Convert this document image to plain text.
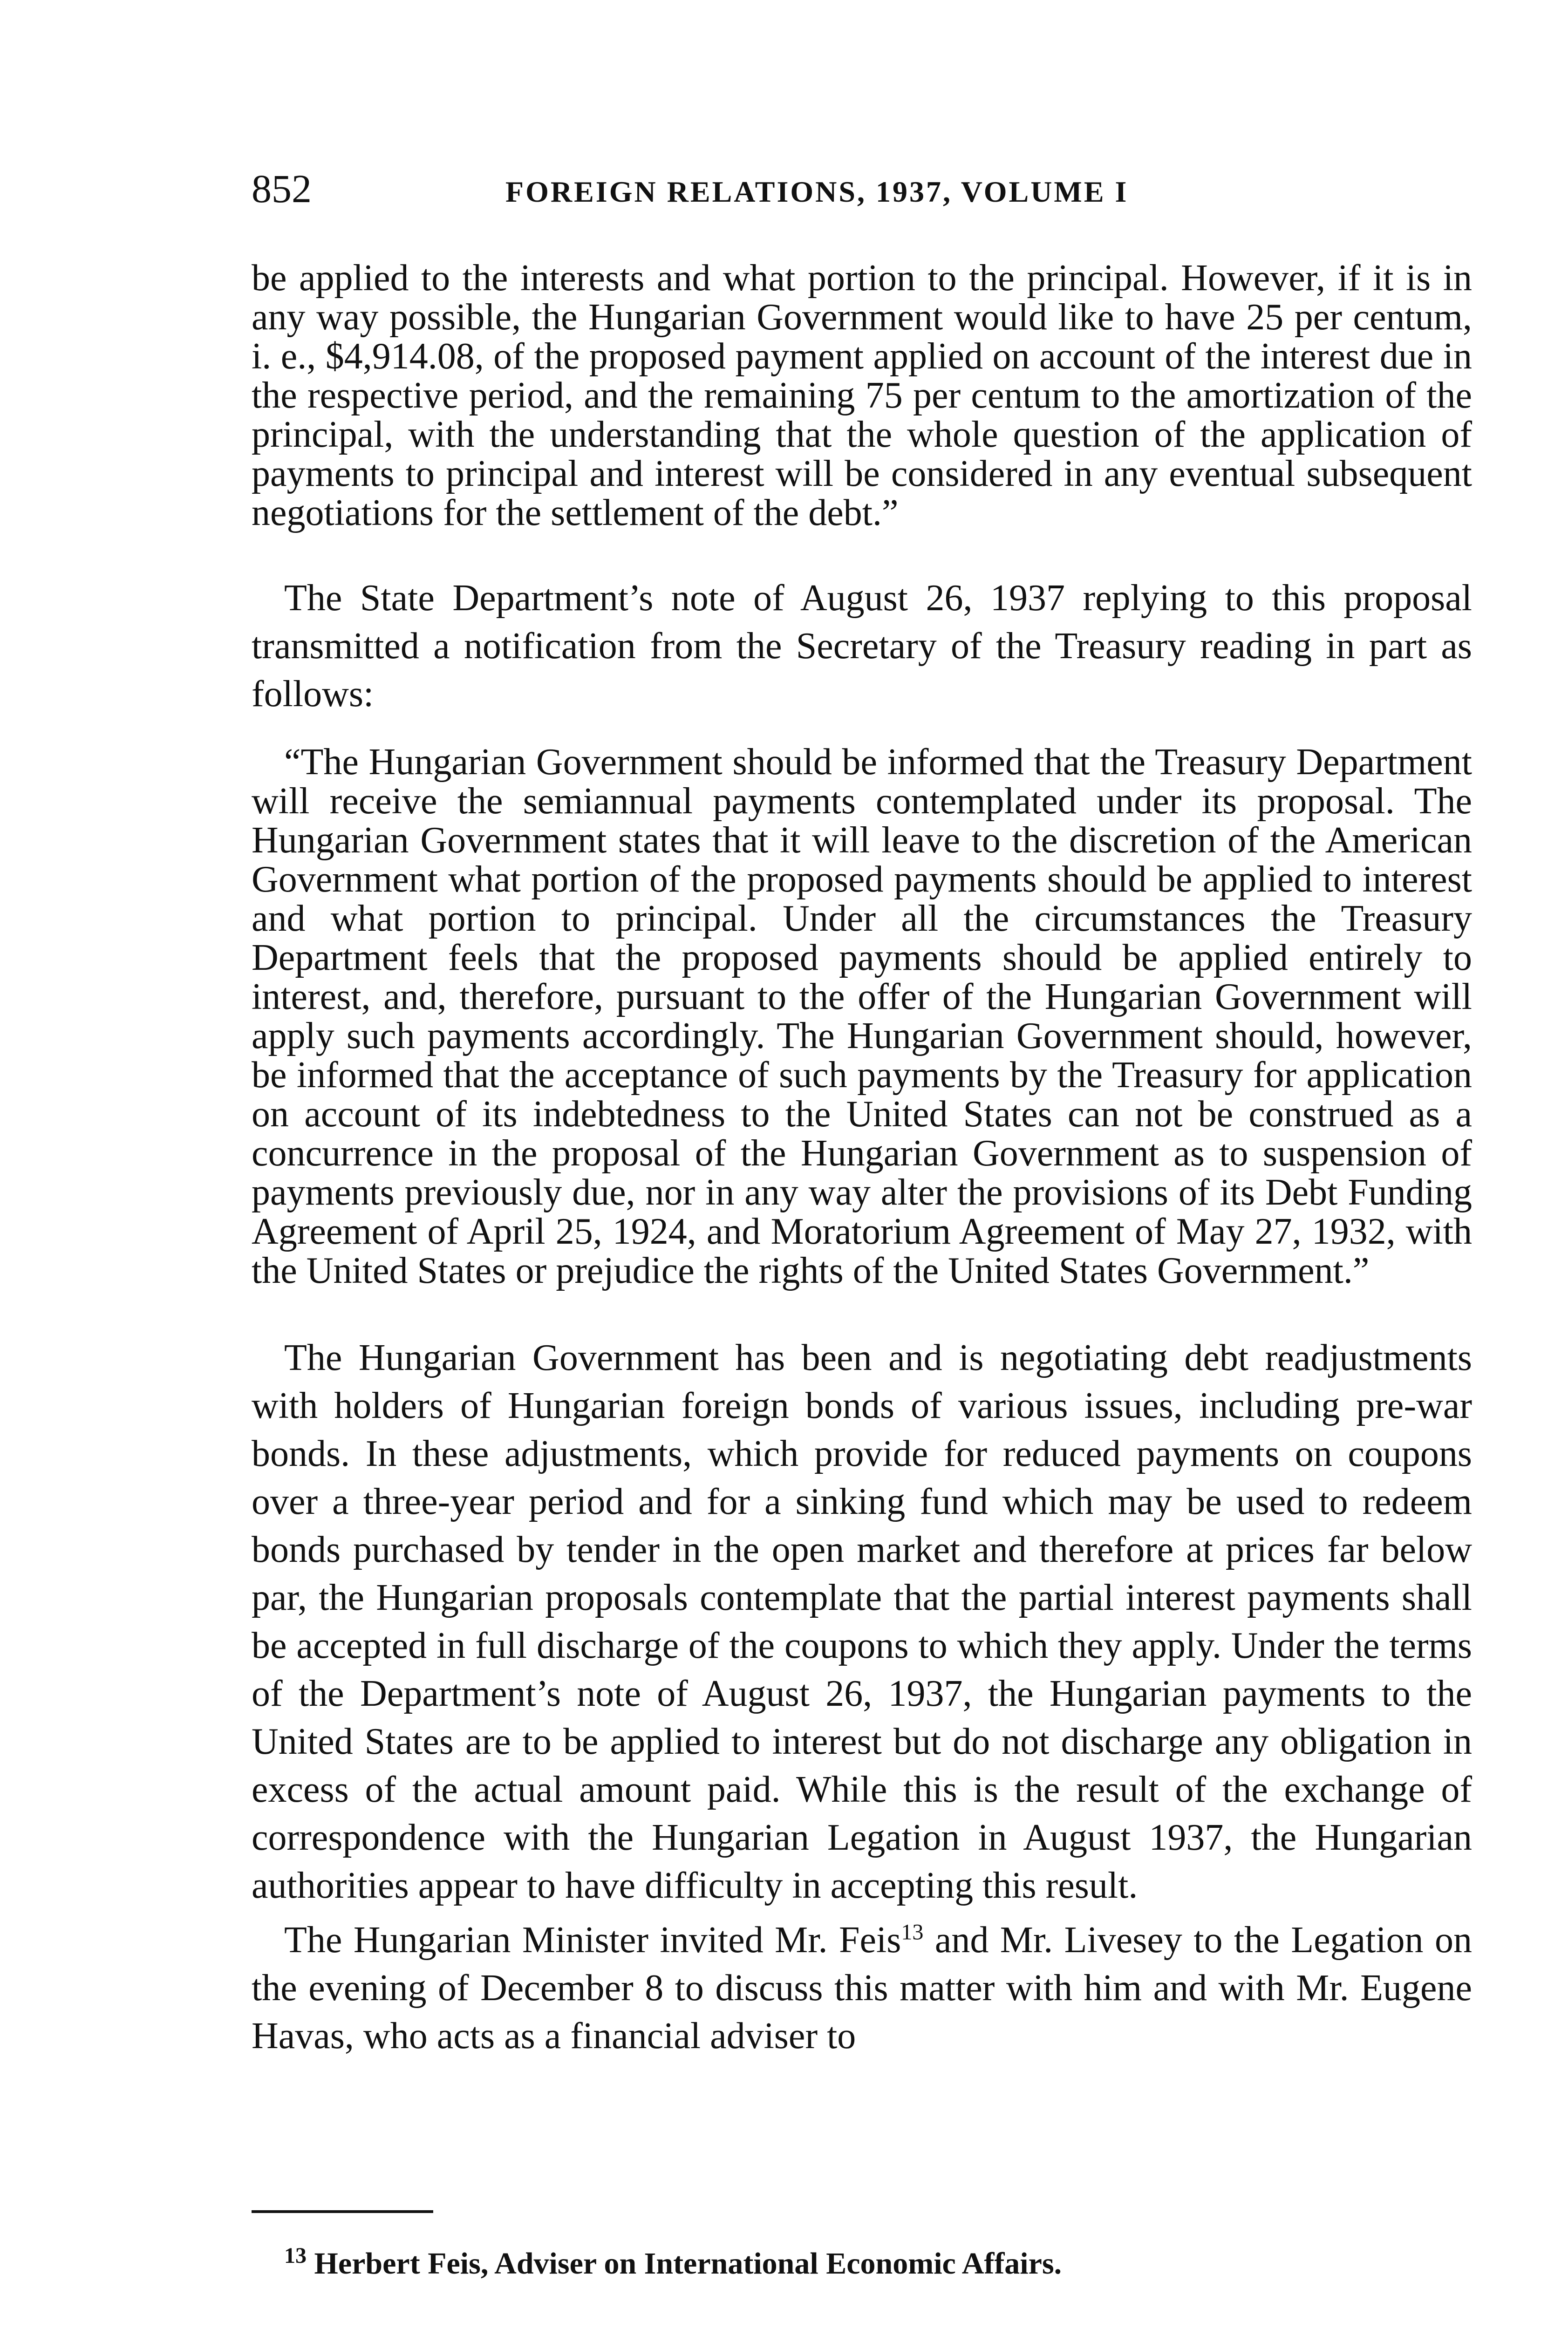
852	FOREIGN RELATIONS, 1937, VOLUME I

be applied to the interests and what portion to the principal. However, if it is in any way possible, the Hungarian Government would like to have 25 per centum, i. e., $4,914.08, of the proposed payment applied on account of the interest due in the respective period, and the remaining 75 per centum to the amortization of the principal, with the understanding that the whole question of the application of payments to principal and interest will be considered in any eventual subsequent negotiations for the settlement of the debt.”

The State Department’s note of August 26, 1937 replying to this proposal transmitted a notification from the Secretary of the Treasury reading in part as follows:

“The Hungarian Government should be informed that the Treasury Department will receive the semiannual payments contemplated under its proposal. The Hungarian Government states that it will leave to the discretion of the American Government what portion of the proposed payments should be applied to interest and what portion to principal. Under all the circumstances the Treasury Department feels that the proposed payments should be applied entirely to interest, and, therefore, pursuant to the offer of the Hungarian Government will apply such payments accordingly. The Hungarian Government should, however, be informed that the acceptance of such payments by the Treasury for application on account of its indebtedness to the United States can not be construed as a concurrence in the proposal of the Hungarian Government as to suspension of payments previously due, nor in any way alter the provisions of its Debt Funding Agreement of April 25, 1924, and Moratorium Agreement of May 27, 1932, with the United States or prejudice the rights of the United States Government.”

The Hungarian Government has been and is negotiating debt readjustments with holders of Hungarian foreign bonds of various issues, including pre-war bonds. In these adjustments, which provide for reduced payments on coupons over a three-year period and for a sinking fund which may be used to redeem bonds purchased by tender in the open market and therefore at prices far below par, the Hungarian proposals contemplate that the partial interest payments shall be accepted in full discharge of the coupons to which they apply. Under the terms of the Department’s note of August 26, 1937, the Hungarian payments to the United States are to be applied to interest but do not discharge any obligation in excess of the actual amount paid. While this is the result of the exchange of correspondence with the Hungarian Legation in August 1937, the Hungarian authorities appear to have difficulty in accepting this result.

The Hungarian Minister invited Mr. Feis$^{13}$ and Mr. Livesey to the Legation on the evening of December 8 to discuss this matter with him and with Mr. Eugene Havas, who acts as a financial adviser to

$^{13}$ Herbert Feis, Adviser on International Economic Affairs.
